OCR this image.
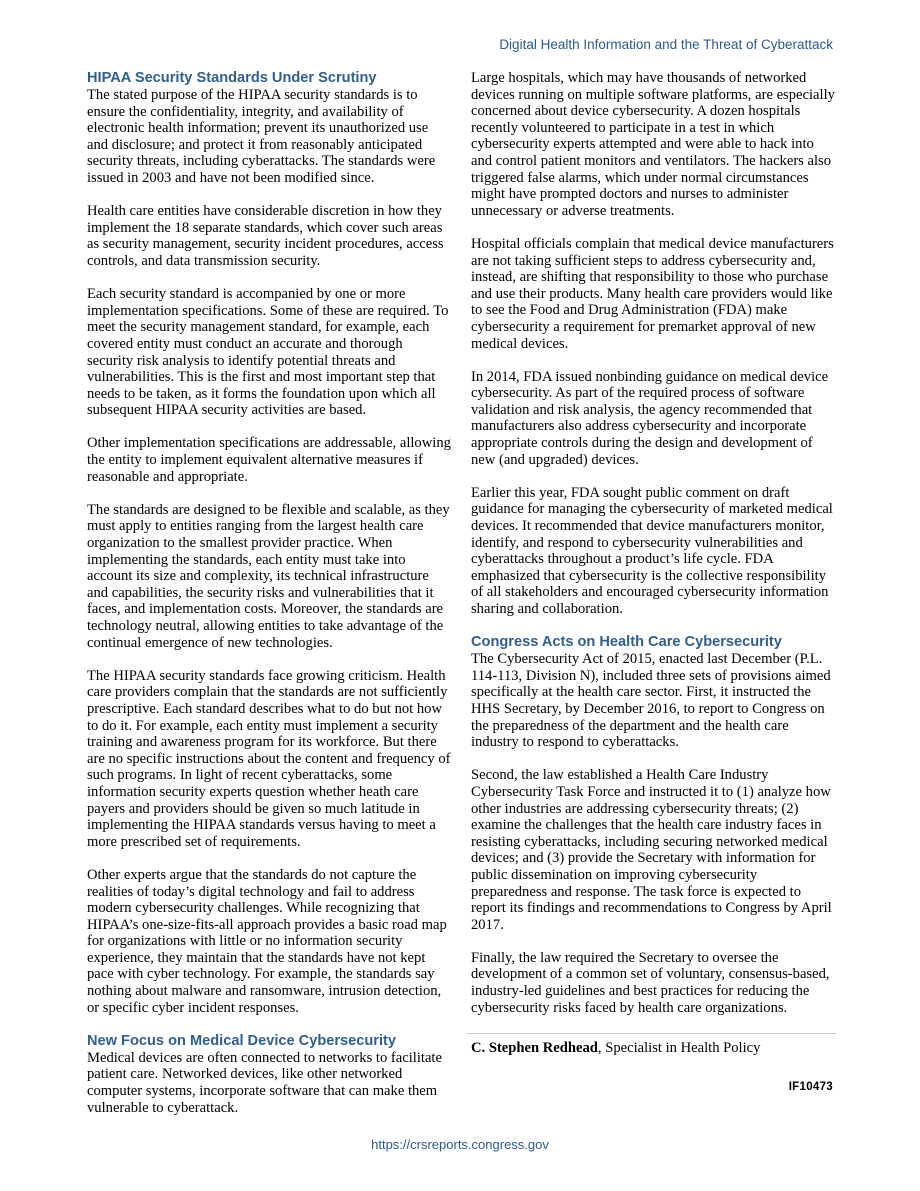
Digital Health Information and the Threat of Cyberattack
HIPAA Security Standards Under Scrutiny

The stated purpose of the HIPAA security standards is to ensure the confidentiality, integrity, and availability of electronic health information; prevent its unauthorized use and disclosure; and protect it from reasonably anticipated security threats, including cyberattacks. The standards were issued in 2003 and have not been modified since.

Health care entities have considerable discretion in how they implement the 18 separate standards, which cover such areas as security management, security incident procedures, access controls, and data transmission security.

Each security standard is accompanied by one or more implementation specifications. Some of these are required. To meet the security management standard, for example, each covered entity must conduct an accurate and thorough security risk analysis to identify potential threats and vulnerabilities. This is the first and most important step that needs to be taken, as it forms the foundation upon which all subsequent HIPAA security activities are based.

Other implementation specifications are addressable, allowing the entity to implement equivalent alternative measures if reasonable and appropriate.

The standards are designed to be flexible and scalable, as they must apply to entities ranging from the largest health care organization to the smallest provider practice. When implementing the standards, each entity must take into account its size and complexity, its technical infrastructure and capabilities, the security risks and vulnerabilities that it faces, and implementation costs. Moreover, the standards are technology neutral, allowing entities to take advantage of the continual emergence of new technologies.

The HIPAA security standards face growing criticism. Health care providers complain that the standards are not sufficiently prescriptive. Each standard describes what to do but not how to do it. For example, each entity must implement a security training and awareness program for its workforce. But there are no specific instructions about the content and frequency of such programs. In light of recent cyberattacks, some information security experts question whether heath care payers and providers should be given so much latitude in implementing the HIPAA standards versus having to meet a more prescribed set of requirements.

Other experts argue that the standards do not capture the realities of today’s digital technology and fail to address modern cybersecurity challenges. While recognizing that HIPAA’s one-size-fits-all approach provides a basic road map for organizations with little or no information security experience, they maintain that the standards have not kept pace with cyber technology. For example, the standards say nothing about malware and ransomware, intrusion detection, or specific cyber incident responses.

New Focus on Medical Device Cybersecurity

Medical devices are often connected to networks to facilitate patient care. Networked devices, like other networked computer systems, incorporate software that can make them vulnerable to cyberattack.

Large hospitals, which may have thousands of networked devices running on multiple software platforms, are especially concerned about device cybersecurity. A dozen hospitals recently volunteered to participate in a test in which cybersecurity experts attempted and were able to hack into and control patient monitors and ventilators. The hackers also triggered false alarms, which under normal circumstances might have prompted doctors and nurses to administer unnecessary or adverse treatments.

Hospital officials complain that medical device manufacturers are not taking sufficient steps to address cybersecurity and, instead, are shifting that responsibility to those who purchase and use their products. Many health care providers would like to see the Food and Drug Administration (FDA) make cybersecurity a requirement for premarket approval of new medical devices.

In 2014, FDA issued nonbinding guidance on medical device cybersecurity. As part of the required process of software validation and risk analysis, the agency recommended that manufacturers also address cybersecurity and incorporate appropriate controls during the design and development of new (and upgraded) devices.

Earlier this year, FDA sought public comment on draft guidance for managing the cybersecurity of marketed medical devices. It recommended that device manufacturers monitor, identify, and respond to cybersecurity vulnerabilities and cyberattacks throughout a product’s life cycle. FDA emphasized that cybersecurity is the collective responsibility of all stakeholders and encouraged cybersecurity information sharing and collaboration.

Congress Acts on Health Care Cybersecurity

The Cybersecurity Act of 2015, enacted last December (P.L. 114-113, Division N), included three sets of provisions aimed specifically at the health care sector. First, it instructed the HHS Secretary, by December 2016, to report to Congress on the preparedness of the department and the health care industry to respond to cyberattacks.

Second, the law established a Health Care Industry Cybersecurity Task Force and instructed it to (1) analyze how other industries are addressing cybersecurity threats; (2) examine the challenges that the health care industry faces in resisting cyberattacks, including securing networked medical devices; and (3) provide the Secretary with information for public dissemination on improving cybersecurity preparedness and response. The task force is expected to report its findings and recommendations to Congress by April 2017.

Finally, the law required the Secretary to oversee the development of a common set of voluntary, consensus-based, industry-led guidelines and best practices for reducing the cybersecurity risks faced by health care organizations.

C. Stephen Redhead, Specialist in Health Policy

IF10473
https://crsreports.congress.gov
